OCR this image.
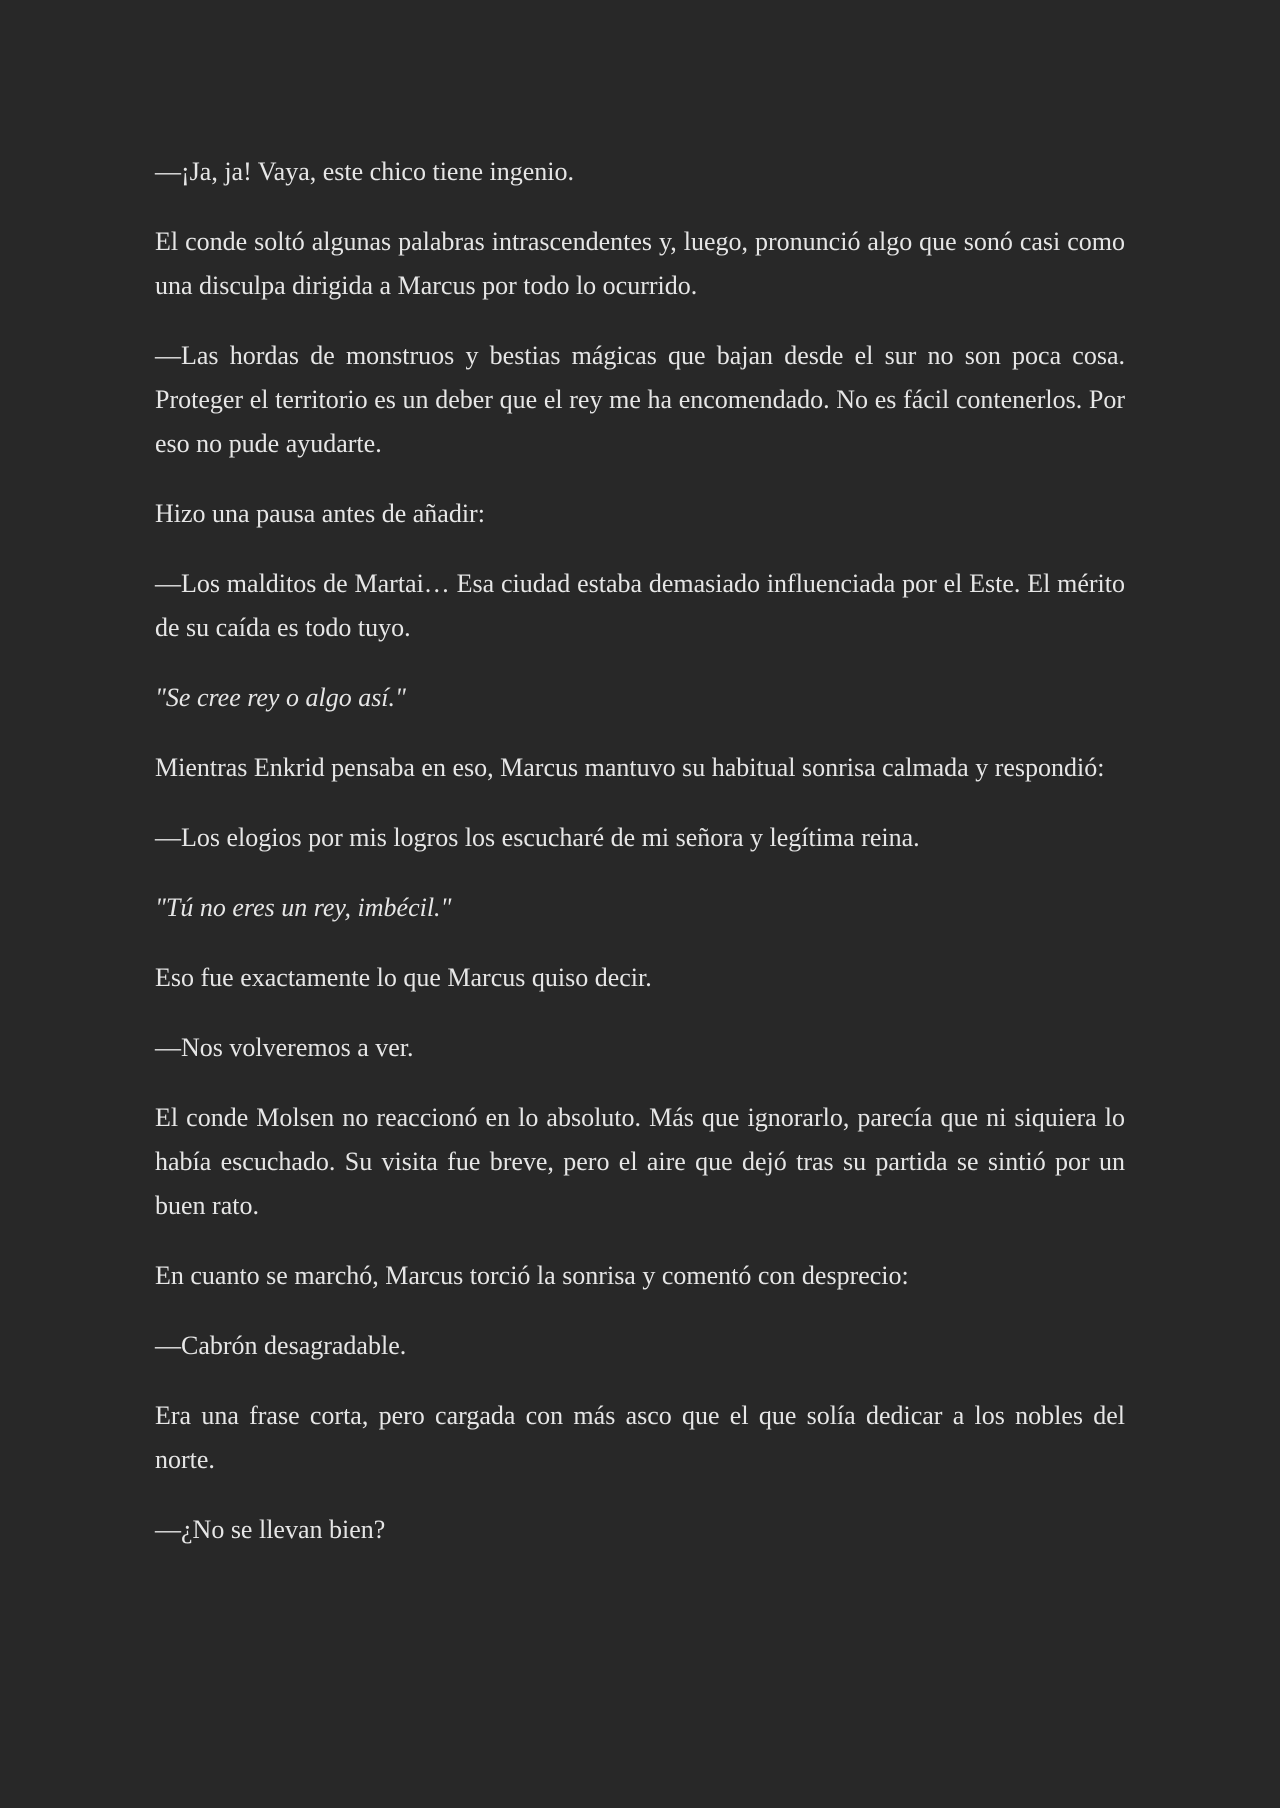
—¡Ja, ja! Vaya, este chico tiene ingenio.

El conde soltó algunas palabras intrascendentes y, luego, pronunció algo que sonó casi como una disculpa dirigida a Marcus por todo lo ocurrido.

—Las hordas de monstruos y bestias mágicas que bajan desde el sur no son poca cosa. Proteger el territorio es un deber que el rey me ha encomendado. No es fácil contenerlos. Por eso no pude ayudarte.

Hizo una pausa antes de añadir:

—Los malditos de Martai… Esa ciudad estaba demasiado influenciada por el Este. El mérito de su caída es todo tuyo.

"Se cree rey o algo así."

Mientras Enkrid pensaba en eso, Marcus mantuvo su habitual sonrisa calmada y respondió:

—Los elogios por mis logros los escucharé de mi señora y legítima reina.

"Tú no eres un rey, imbécil."

Eso fue exactamente lo que Marcus quiso decir.

—Nos volveremos a ver.

El conde Molsen no reaccionó en lo absoluto. Más que ignorarlo, parecía que ni siquiera lo había escuchado. Su visita fue breve, pero el aire que dejó tras su partida se sintió por un buen rato.

En cuanto se marchó, Marcus torció la sonrisa y comentó con desprecio:

—Cabrón desagradable.

Era una frase corta, pero cargada con más asco que el que solía dedicar a los nobles del norte.

—¿No se llevan bien?
